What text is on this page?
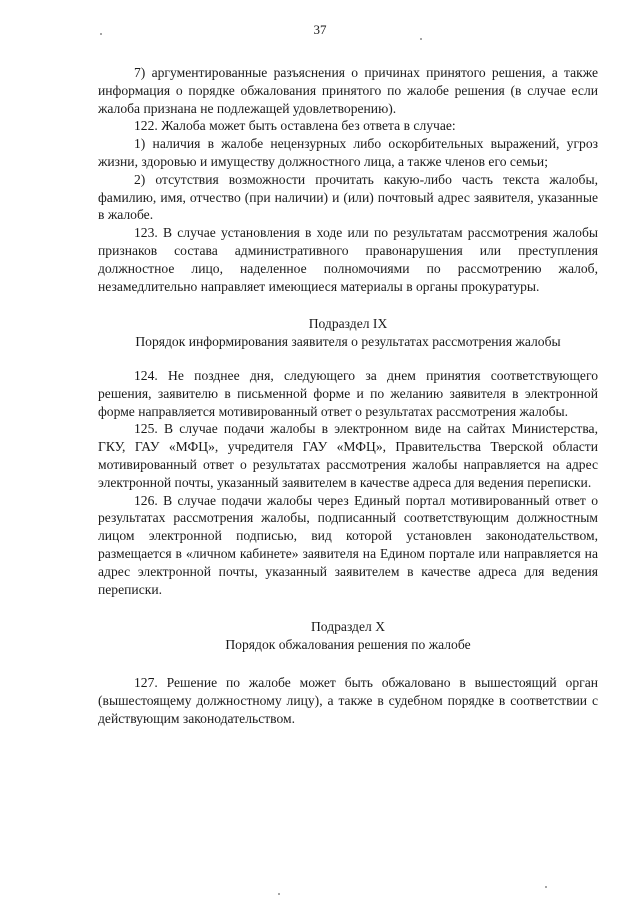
37

7) аргументированные разъяснения о причинах принятого решения, а также информация о порядке обжалования принятого по жалобе решения (в случае если жалоба признана не подлежащей удовлетворению).

122. Жалоба может быть оставлена без ответа в случае:

1) наличия в жалобе нецензурных либо оскорбительных выражений, угроз жизни, здоровью и имуществу должностного лица, а также членов его семьи;

2) отсутствия возможности прочитать какую-либо часть текста жалобы, фамилию, имя, отчество (при наличии) и (или) почтовый адрес заявителя, указанные в жалобе.

123. В случае установления в ходе или по результатам рассмотрения жалобы признаков состава административного правонарушения или преступления должностное лицо, наделенное полномочиями по рассмотрению жалоб, незамедлительно направляет имеющиеся материалы в органы прокуратуры.

Подраздел IX

Порядок информирования заявителя о результатах рассмотрения жалобы

124. Не позднее дня, следующего за днем принятия соответствующего решения, заявителю в письменной форме и по желанию заявителя в электронной форме направляется мотивированный ответ о результатах рассмотрения жалобы.

125. В случае подачи жалобы в электронном виде на сайтах Министерства, ГКУ, ГАУ «МФЦ», учредителя ГАУ «МФЦ», Правительства Тверской области мотивированный ответ о результатах рассмотрения жалобы направляется на адрес электронной почты, указанный заявителем в качестве адреса для ведения переписки.

126. В случае подачи жалобы через Единый портал мотивированный ответ о результатах рассмотрения жалобы, подписанный соответствующим должностным лицом электронной подписью, вид которой установлен законодательством, размещается в «личном кабинете» заявителя на Едином портале или направляется на адрес электронной почты, указанный заявителем в качестве адреса для ведения переписки.

Подраздел X

Порядок обжалования решения по жалобе

127. Решение по жалобе может быть обжаловано в вышестоящий орган (вышестоящему должностному лицу), а также в судебном порядке в соответствии с действующим законодательством.
